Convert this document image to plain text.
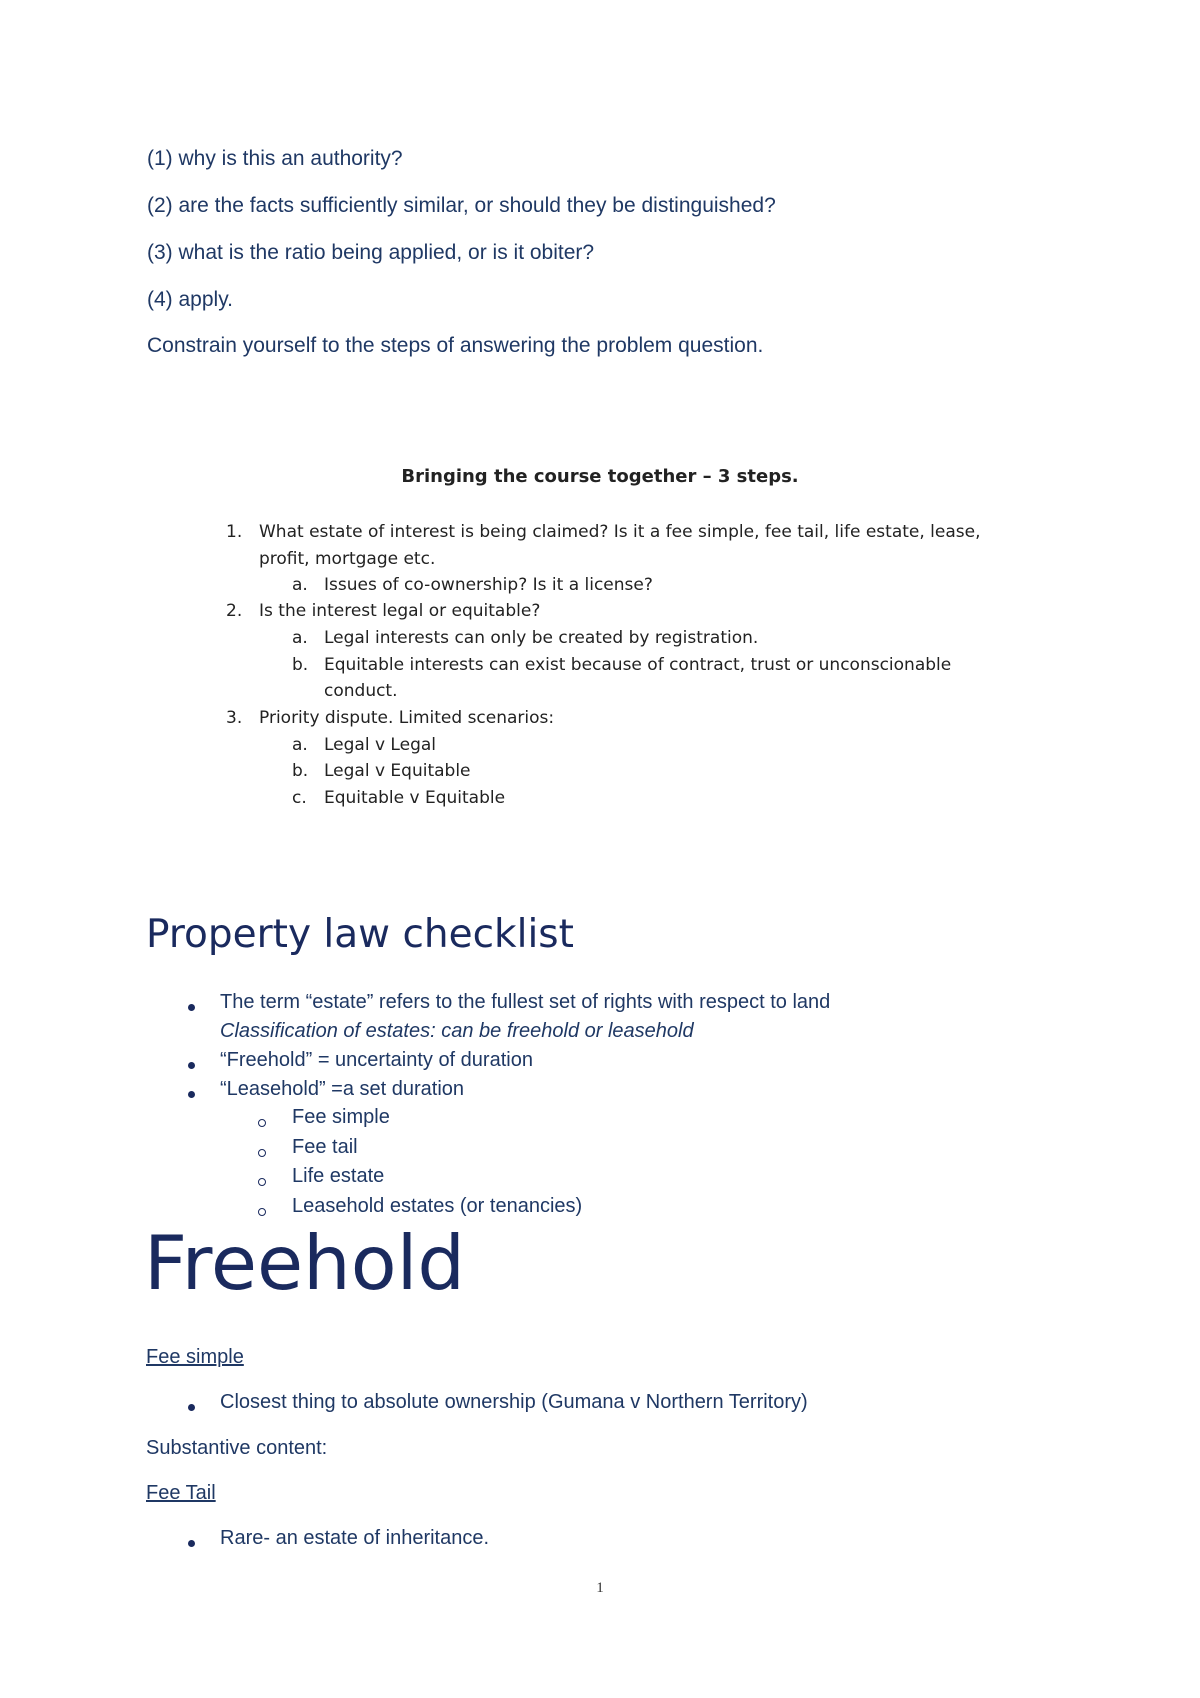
(1) why is this an authority?
(2) are the facts sufficiently similar, or should they be distinguished?
(3) what is the ratio being applied, or is it obiter?
(4) apply.
Constrain yourself to the steps of answering the problem question.
Bringing the course together – 3 steps.
1. What estate of interest is being claimed? Is it a fee simple, fee tail, life estate, lease,
profit, mortgage etc.
a. Issues of co-ownership? Is it a license?
2. Is the interest legal or equitable?
a. Legal interests can only be created by registration.
b. Equitable interests can exist because of contract, trust or unconscionable
conduct.
3. Priority dispute. Limited scenarios:
a. Legal v Legal
b. Legal v Equitable
c. Equitable v Equitable
Property law checklist
The term “estate” refers to the fullest set of rights with respect to land
Classification of estates: can be freehold or leasehold
“Freehold” = uncertainty of duration
“Leasehold” =a set duration
Fee simple
Fee tail
Life estate
Leasehold estates (or tenancies)
Freehold
Fee simple
Closest thing to absolute ownership (Gumana v Northern Territory)
Substantive content:
Fee Tail
Rare- an estate of inheritance.
1
